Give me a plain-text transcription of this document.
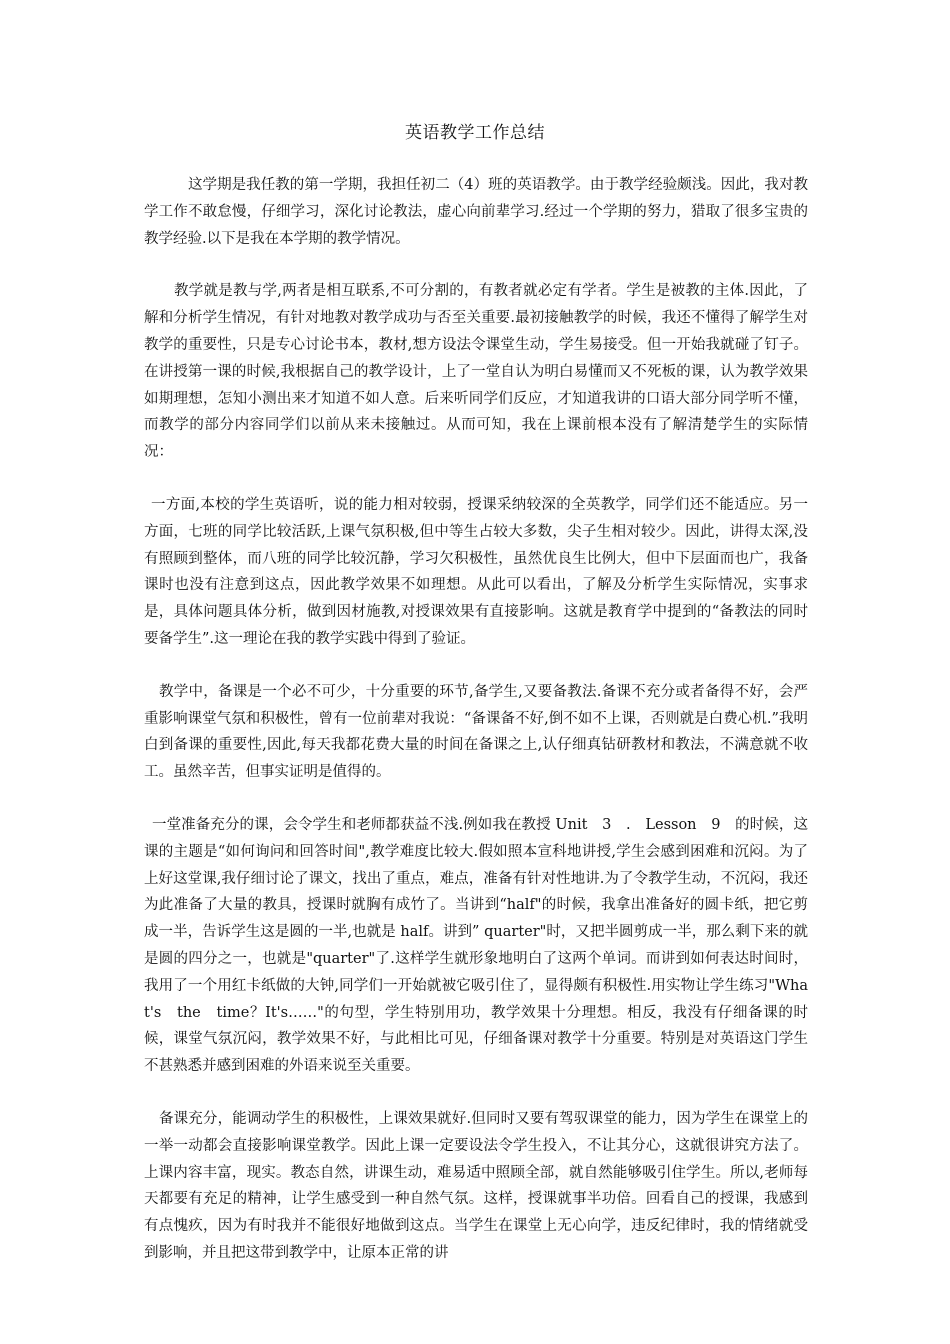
英语教学工作总结

这学期是我任教的第一学期，我担任初二（4）班的英语教学。由于教学经验颇浅。因此，我对教学工作不敢怠慢，仔细学习，深化讨论教法，虚心向前辈学习.经过一个学期的努力，猎取了很多宝贵的教学经验.以下是我在本学期的教学情况。

教学就是教与学,两者是相互联系,不可分割的，有教者就必定有学者。学生是被教的主体.因此，了解和分析学生情况，有针对地教对教学成功与否至关重要.最初接触教学的时候，我还不懂得了解学生对教学的重要性，只是专心讨论书本，教材,想方设法令课堂生动，学生易接受。但一开始我就碰了钉子。在讲授第一课的时候,我根据自己的教学设计，上了一堂自认为明白易懂而又不死板的课，认为教学效果如期理想，怎知小测出来才知道不如人意。后来听同学们反应，才知道我讲的口语大部分同学听不懂，而教学的部分内容同学们以前从来未接触过。从而可知，我在上课前根本没有了解清楚学生的实际情况：

一方面,本校的学生英语听，说的能力相对较弱，授课采纳较深的全英教学，同学们还不能适应。另一方面，七班的同学比较活跃,上课气氛积极,但中等生占较大多数，尖子生相对较少。因此，讲得太深,没有照顾到整体，而八班的同学比较沉静，学习欠积极性，虽然优良生比例大，但中下层面而也广，我备课时也没有注意到这点，因此教学效果不如理想。从此可以看出，了解及分析学生实际情况，实事求是，具体问题具体分析，做到因材施教,对授课效果有直接影响。这就是教育学中提到的“备教法的同时要备学生”.这一理论在我的教学实践中得到了验证。

教学中，备课是一个必不可少，十分重要的环节,备学生,又要备教法.备课不充分或者备得不好，会严重影响课堂气氛和积极性，曾有一位前辈对我说：“备课备不好,倒不如不上课，否则就是白费心机.”我明白到备课的重要性,因此,每天我都花费大量的时间在备课之上,认仔细真钻研教材和教法，不满意就不收工。虽然辛苦，但事实证明是值得的。

一堂准备充分的课，会令学生和老师都获益不浅.例如我在教授 Unit　3　.　Lesson　9　的时候，这课的主题是“如何询问和回答时间",教学难度比较大.假如照本宣科地讲授,学生会感到困难和沉闷。为了上好这堂课,我仔细讨论了课文，找出了重点，难点，准备有针对性地讲.为了令教学生动，不沉闷，我还为此准备了大量的教具，授课时就胸有成竹了。当讲到“half"的时候，我拿出准备好的圆卡纸，把它剪成一半，告诉学生这是圆的一半,也就是 half。讲到” quarter"时，又把半圆剪成一半，那么剩下来的就是圆的四分之一，也就是"quarter"了.这样学生就形象地明白了这两个单词。而讲到如何表达时间时，我用了一个用红卡纸做的大钟,同学们一开始就被它吸引住了，显得颇有积极性.用实物让学生练习"What's　the　time？It's……"的句型，学生特别用功，教学效果十分理想。相反，我没有仔细备课的时候，课堂气氛沉闷，教学效果不好，与此相比可见，仔细备课对教学十分重要。特别是对英语这门学生不甚熟悉并感到困难的外语来说至关重要。

备课充分，能调动学生的积极性，上课效果就好.但同时又要有驾驭课堂的能力，因为学生在课堂上的一举一动都会直接影响课堂教学。因此上课一定要设法令学生投入，不让其分心，这就很讲究方法了。上课内容丰富，现实。教态自然，讲课生动，难易适中照顾全部，就自然能够吸引住学生。所以,老师每天都要有充足的精神，让学生感受到一种自然气氛。这样，授课就事半功倍。回看自己的授课，我感到有点愧疚，因为有时我并不能很好地做到这点。当学生在课堂上无心向学，违反纪律时，我的情绪就受到影响，并且把这带到教学中，让原本正常的讲
